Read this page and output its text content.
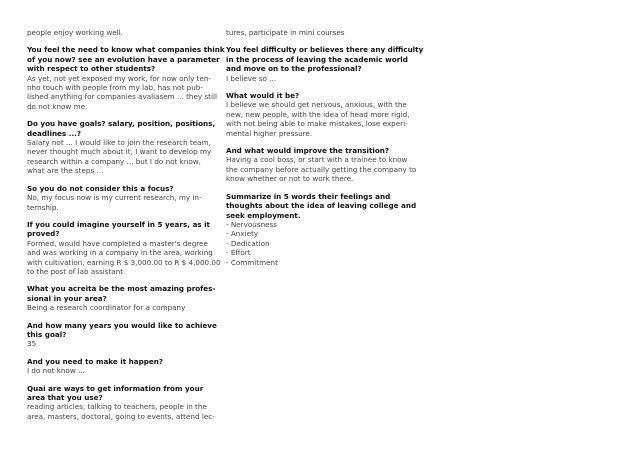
people enjoy working well.

You feel the need to know what companies think

of you now? see an evolution have a parameter

with respect to other students?

As yet, not yet exposed my work, for now only ten-

nho touch with people from my lab, has not pub-

lished anything for companies avaliasem ... they still

do not know me.

Do you have goals? salary, position, positions,

deadlines ...?

Salary not ... I would like to join the research team,

never thought much about it, I want to develop my

research within a company ... but I do not know,

what are the steps ...

So you do not consider this a focus?

No, my focus now is my current research, my in-

ternship.

If you could imagine yourself in 5 years, as it

proved?

Formed, would have completed a master's degree

and was working in a company in the area, working

with cultivation, earning R $ 3,000.00 to R $ 4,000.00

to the post of lab assistant

What you acreita be the most amazing profes-

sional in your area?

Being a research coordinator for a company

And how many years you would like to achieve

this goal?

35

And you need to make it happen?

I do not know ...

Quai are ways to get information from your

area that you use?

reading articles, talking to teachers, people in the

area, masters, doctoral, going to events, attend lec-

tures, participate in mini courses

You feel difficulty or believes there any difficulty

in the process of leaving the academic world

and move on to the professional?

I believe so ...

What would it be?

I believe we should get nervous, anxious, with the

new, new people, with the idea of head more rigid,

with not being able to make mistakes, lose experi-

mental higher pressure.

And what would improve the transition?

Having a cool boss, or start with a trainee to know

the company before actually getting the company to

know whether or not to work there.

Summarize in 5 words their feelings and

thoughts about the idea of leaving college and

seek employment.

- Nervousness

- Anxiety

- Dedication

- Effort

- Commitment
